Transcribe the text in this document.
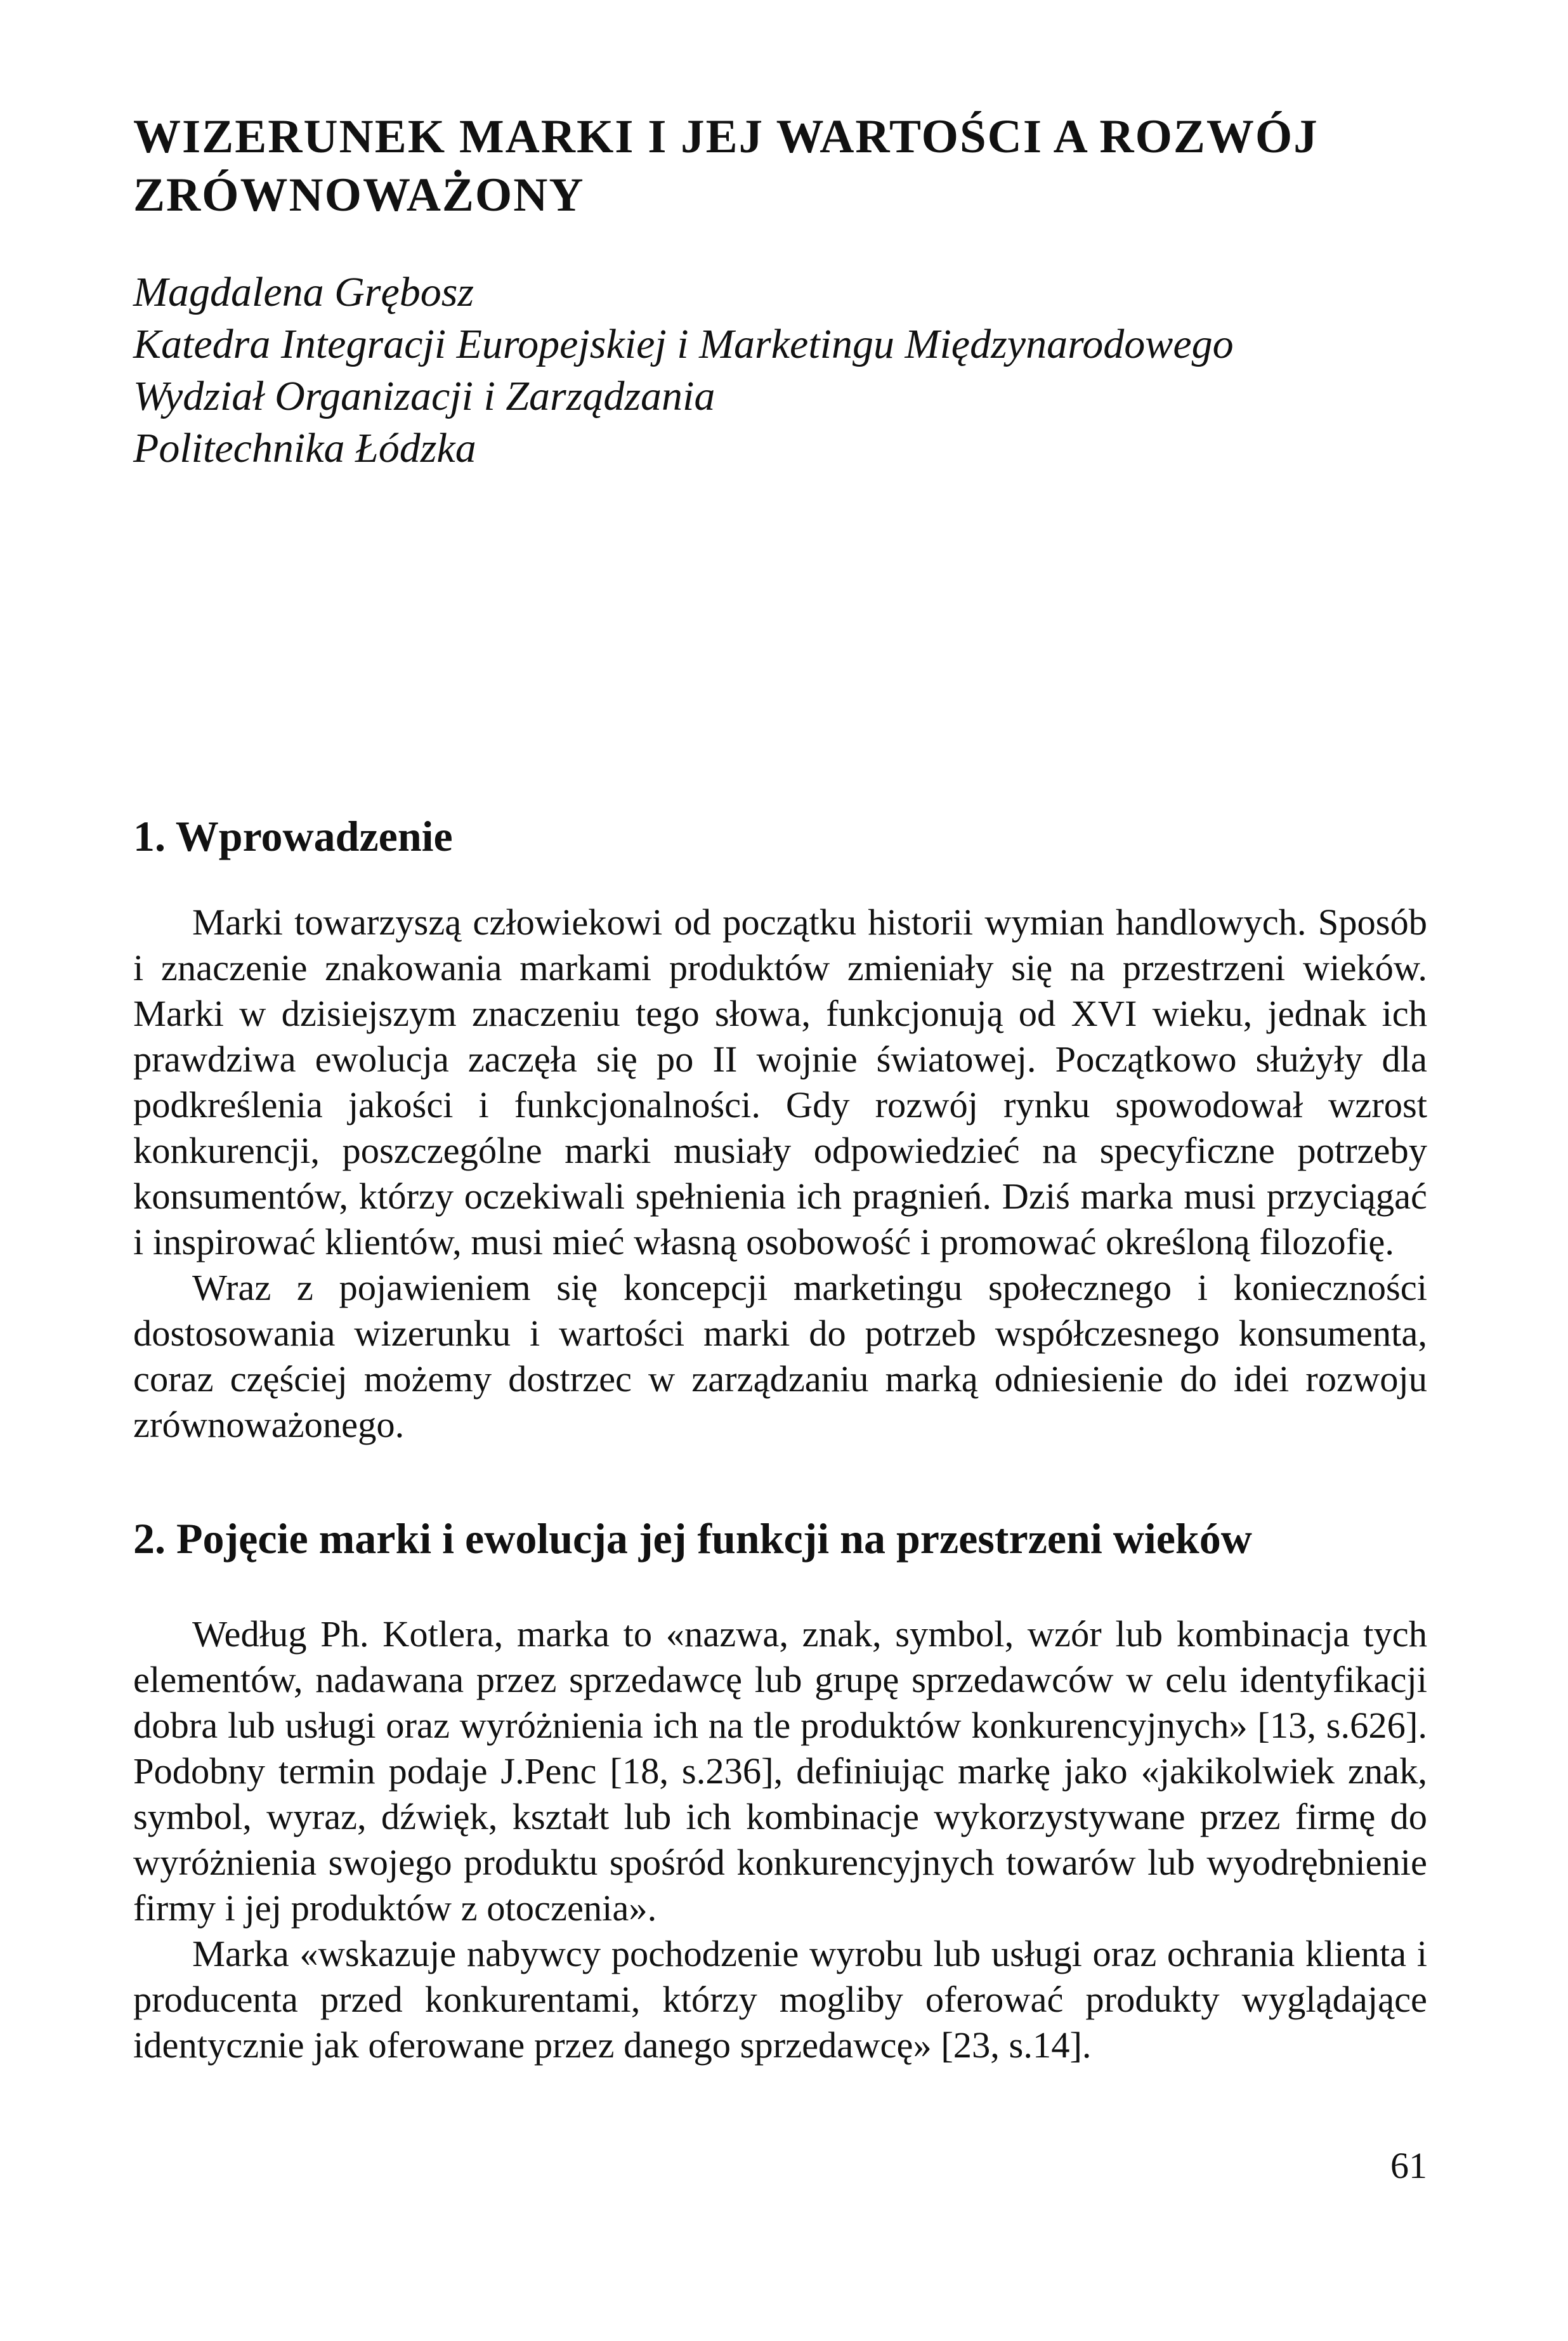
WIZERUNEK MARKI I JEJ WARTOŚCI A ROZWÓJ ZRÓWNOWAŻONY
Magdalena Grębosz
Katedra Integracji Europejskiej i Marketingu Międzynarodowego
Wydział Organizacji i Zarządzania
Politechnika Łódzka
1. Wprowadzenie

Marki towarzyszą człowiekowi od początku historii wymian handlowych. Sposób i znaczenie znakowania markami produktów zmieniały się na przestrzeni wieków. Marki w dzisiejszym znaczeniu tego słowa, funkcjonują od XVI wieku, jednak ich prawdziwa ewolucja zaczęła się po II wojnie światowej. Początkowo służyły dla podkreślenia jakości i funkcjonalności. Gdy rozwój rynku spowodował wzrost konkurencji, poszczególne marki musiały odpowiedzieć na specyficzne potrzeby konsumentów, którzy oczekiwali spełnienia ich pragnień. Dziś marka musi przyciągać i inspirować klientów, musi mieć własną osobowość i promować określoną filozofię.

Wraz z pojawieniem się koncepcji marketingu społecznego i konieczności dostosowania wizerunku i wartości marki do potrzeb współczesnego konsumenta, coraz częściej możemy dostrzec w zarządzaniu marką odniesienie do idei rozwoju zrównoważonego.

2. Pojęcie marki i ewolucja jej funkcji na przestrzeni wieków

Według Ph. Kotlera, marka to «nazwa, znak, symbol, wzór lub kombinacja tych elementów, nadawana przez sprzedawcę lub grupę sprzedawców w celu identyfikacji dobra lub usługi oraz wyróżnienia ich na tle produktów konkurencyjnych» [13, s.626]. Podobny termin podaje J.Penc [18, s.236], definiując markę jako «jakikolwiek znak, symbol, wyraz, dźwięk, kształt lub ich kombinacje wykorzystywane przez firmę do wyróżnienia swojego produktu spośród konkurencyjnych towarów lub wyodrębnienie firmy i jej produktów z otoczenia».

Marka «wskazuje nabywcy pochodzenie wyrobu lub usługi oraz ochrania klienta i producenta przed konkurentami, którzy mogliby oferować produkty wyglądające identycznie jak oferowane przez danego sprzedawcę» [23, s.14].

61
